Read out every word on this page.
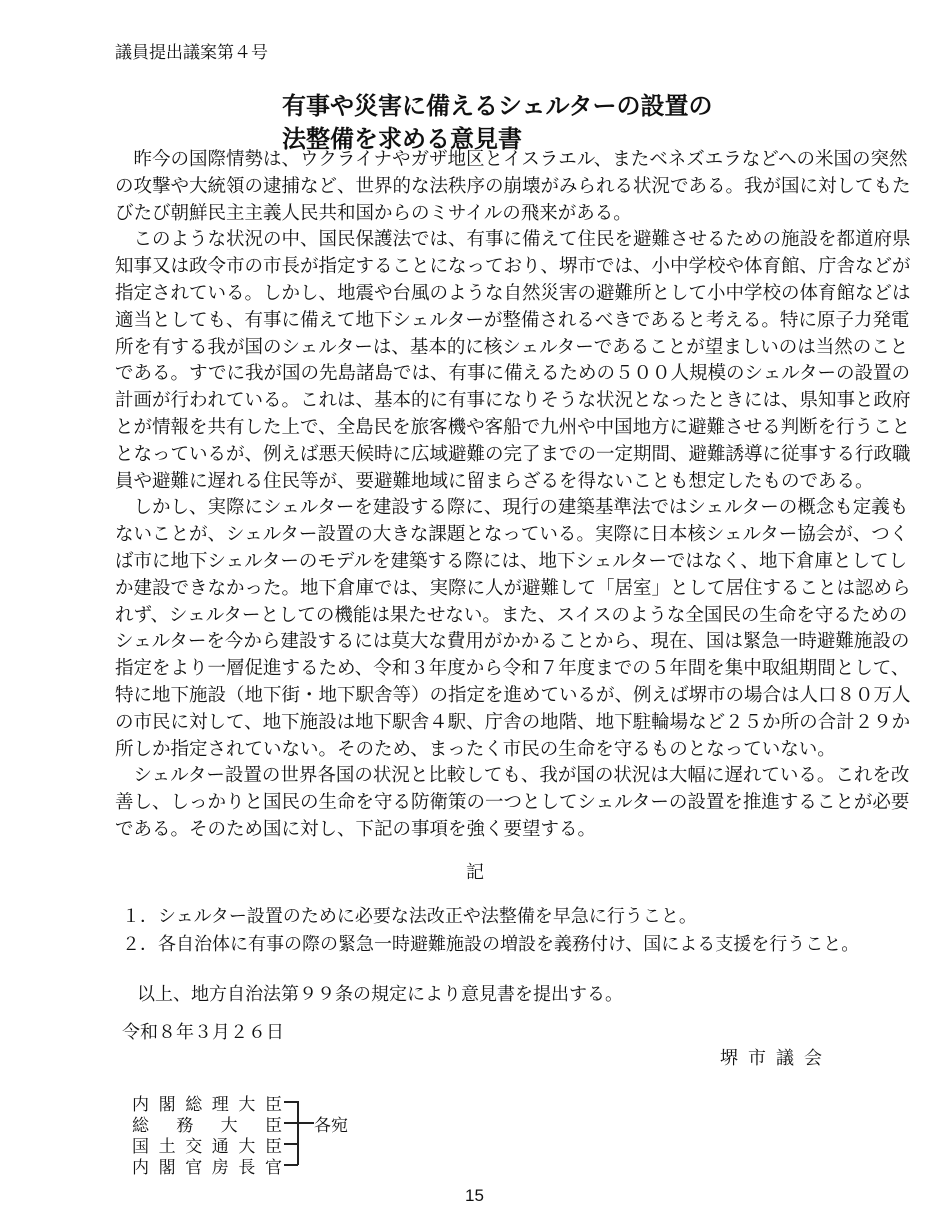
議員提出議案第４号
有事や災害に備えるシェルターの設置の
法整備を求める意見書
　昨今の国際情勢は、ウクライナやガザ地区とイスラエル、またベネズエラなどへの米国の突然
の攻撃や大統領の逮捕など、世界的な法秩序の崩壊がみられる状況である。我が国に対してもた
びたび朝鮮民主主義人民共和国からのミサイルの飛来がある。
　このような状況の中、国民保護法では、有事に備えて住民を避難させるための施設を都道府県
知事又は政令市の市長が指定することになっており、堺市では、小中学校や体育館、庁舎などが
指定されている。しかし、地震や台風のような自然災害の避難所として小中学校の体育館などは
適当としても、有事に備えて地下シェルターが整備されるべきであると考える。特に原子力発電
所を有する我が国のシェルターは、基本的に核シェルターであることが望ましいのは当然のこと
である。すでに我が国の先島諸島では、有事に備えるための５００人規模のシェルターの設置の
計画が行われている。これは、基本的に有事になりそうな状況となったときには、県知事と政府
とが情報を共有した上で、全島民を旅客機や客船で九州や中国地方に避難させる判断を行うこと
となっているが、例えば悪天候時に広域避難の完了までの一定期間、避難誘導に従事する行政職
員や避難に遅れる住民等が、要避難地域に留まらざるを得ないことも想定したものである。
　しかし、実際にシェルターを建設する際に、現行の建築基準法ではシェルターの概念も定義も
ないことが、シェルター設置の大きな課題となっている。実際に日本核シェルター協会が、つく
ば市に地下シェルターのモデルを建築する際には、地下シェルターではなく、地下倉庫としてし
か建設できなかった。地下倉庫では、実際に人が避難して「居室」として居住することは認めら
れず、シェルターとしての機能は果たせない。また、スイスのような全国民の生命を守るための
シェルターを今から建設するには莫大な費用がかかることから、現在、国は緊急一時避難施設の
指定をより一層促進するため、令和３年度から令和７年度までの５年間を集中取組期間として、
特に地下施設（地下街・地下駅舎等）の指定を進めているが、例えば堺市の場合は人口８０万人
の市民に対して、地下施設は地下駅舎４駅、庁舎の地階、地下駐輪場など２５か所の合計２９か
所しか指定されていない。そのため、まったく市民の生命を守るものとなっていない。
　シェルター設置の世界各国の状況と比較しても、我が国の状況は大幅に遅れている。これを改
善し、しっかりと国民の生命を守る防衛策の一つとしてシェルターの設置を推進することが必要
である。そのため国に対し、下記の事項を強く要望する。
記
１．シェルター設置のために必要な法改正や法整備を早急に行うこと。
２．各自治体に有事の際の緊急一時避難施設の増設を義務付け、国による支援を行うこと。
以上、地方自治法第９９条の規定により意見書を提出する。
令和８年３月２６日
堺市議会
内閣総理大臣
総務大臣
国土交通大臣
内閣官房長官
各宛
15
